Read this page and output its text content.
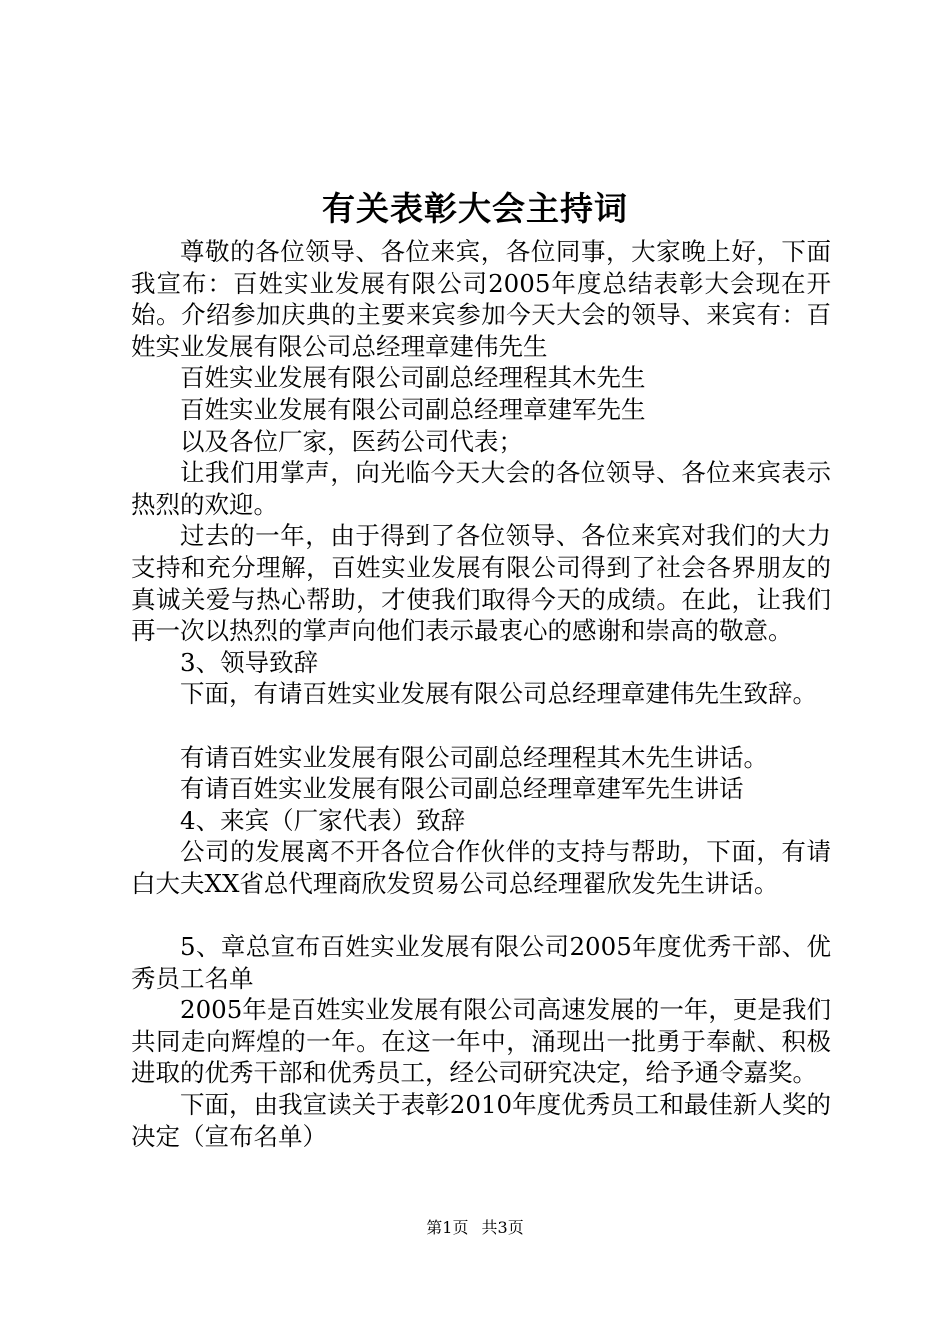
有关表彰大会主持词

尊敬的各位领导、各位来宾，各位同事，大家晚上好，下面我宣布：百姓实业发展有限公司2005年度总结表彰大会现在开始。介绍参加庆典的主要来宾参加今天大会的领导、来宾有：百姓实业发展有限公司总经理章建伟先生

百姓实业发展有限公司副总经理程其木先生

百姓实业发展有限公司副总经理章建军先生

以及各位厂家，医药公司代表；

让我们用掌声，向光临今天大会的各位领导、各位来宾表示热烈的欢迎。

过去的一年，由于得到了各位领导、各位来宾对我们的大力支持和充分理解，百姓实业发展有限公司得到了社会各界朋友的真诚关爱与热心帮助，才使我们取得今天的成绩。在此，让我们再一次以热烈的掌声向他们表示最衷心的感谢和崇高的敬意。

3、领导致辞

下面，有请百姓实业发展有限公司总经理章建伟先生致辞。

有请百姓实业发展有限公司副总经理程其木先生讲话。

有请百姓实业发展有限公司副总经理章建军先生讲话

4、来宾（厂家代表）致辞

公司的发展离不开各位合作伙伴的支持与帮助，下面，有请白大夫XX省总代理商欣发贸易公司总经理翟欣发先生讲话。

5、章总宣布百姓实业发展有限公司2005年度优秀干部、优秀员工名单

2005年是百姓实业发展有限公司高速发展的一年，更是我们共同走向辉煌的一年。在这一年中，涌现出一批勇于奉献、积极进取的优秀干部和优秀员工，经公司研究决定，给予通令嘉奖。

下面，由我宣读关于表彰2010年度优秀员工和最佳新人奖的决定（宣布名单）

第1页 共3页
